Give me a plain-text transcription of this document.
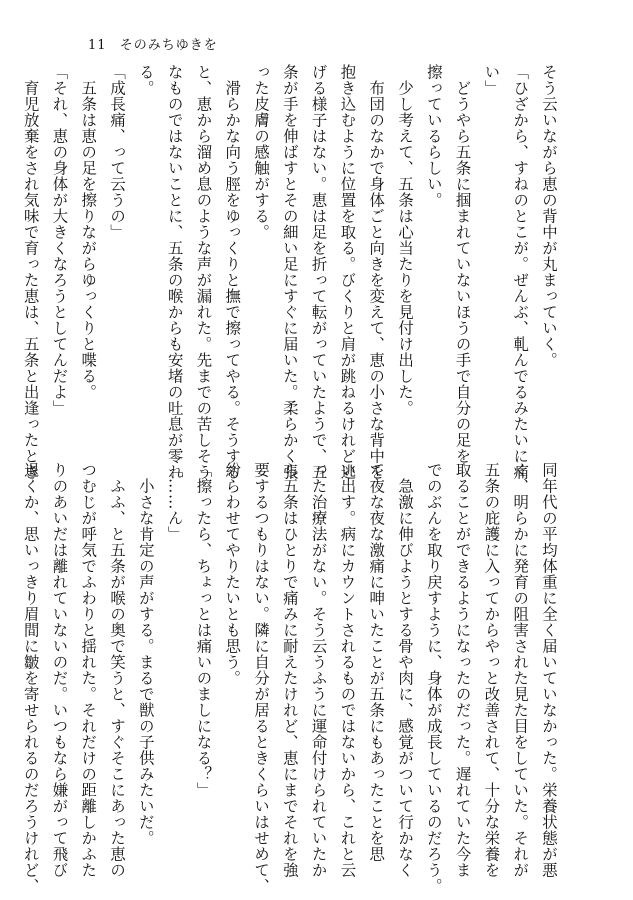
11 そのみちゆきを
そう云いながら恵の背中が丸まっていく。
「ひざから、すねのとこが。ぜんぶ、軋んでるみたいに痛
い」
　どうやら五条に掴まれていないほうの手で自分の足を
擦っているらしい。
　少し考えて、五条は心当たりを見付け出した。
　布団のなかで身体ごと向きを変えて、恵の小さな背中を
抱き込むように位置を取る。びくりと肩が跳ねるけれど逃
げる様子はない。恵は足を折って転がっていたようで、五
条が手を伸ばすとその細い足にすぐに届いた。柔らかく張
った皮膚の感触がする。
　滑らかな向う脛をゆっくりと撫で擦ってやる。そうする
と、恵から溜め息のような声が漏れた。先までの苦しそう
なものではないことに、五条の喉からも安堵の吐息が零れ
る。
「成長痛、って云うの」
　五条は恵の足を擦りながらゆっくりと喋る。
「それ、恵の身体が大きくなろうとしてんだよ」
　育児放棄をされ気味で育った恵は、五条と出逢ったとき
同年代の平均体重に全く届いていなかった。栄養状態が悪
く、明らかに発育の阻害された見た目をしていた。それが
五条の庇護に入ってからやっと改善されて、十分な栄養を
取ることができるようになったのだった。遅れていた今ま
でのぶんを取り戻すように、身体が成長しているのだろう。
　急激に伸びようとする骨や肉に、感覚がついて行かなく
て夜な夜な激痛に呻いたことが五条にもあったことを思
い出す。病にカウントされるものではないから、これと云
った治療法がない。そう云うふうに運命付けられていたか
ら五条はひとりで痛みに耐えたけれど、恵にまでそれを強
要するつもりはない。隣に自分が居るときくらいはせめて、
紛らわせてやりたいとも思う。
「擦ったら、ちょっとは痛いのましになる？」
「……ん」
　小さな肯定の声がする。まるで獣の子供みたいだ。
　ふふ、と五条が喉の奥で笑うと、すぐそこにあった恵の
つむじが呼気でふわりと揺れた。それだけの距離しかふた
りのあいだは離れていないのだ。いつもなら嫌がって飛び
退くか、思いっきり眉間に皺を寄せられるのだろうけれど、
